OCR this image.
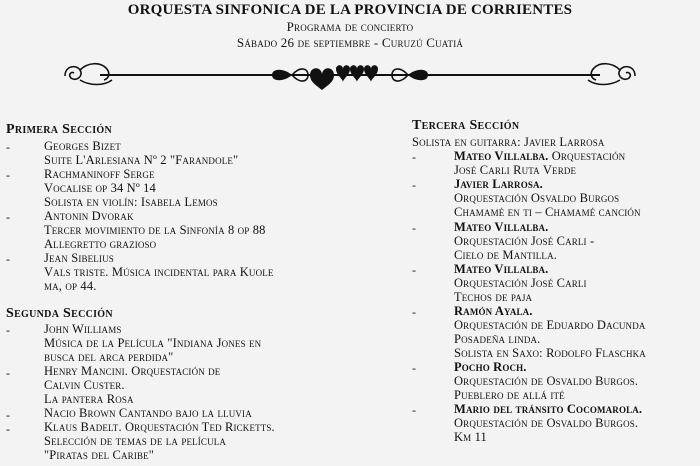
ORQUESTA SINFONICA DE LA PROVINCIA DE CORRIENTES
Programa de concierto
Sábado 26 de septiembre - Curuzú Cuatiá
Primera Sección
-	Georges Bizet
Suite L'Arlesiana Nº 2 "Farandole"
-	Rachmaninoff Serge
Vocalise op 34 Nº 14
Solista en violín: Isabela Lemos
-	Antonin Dvorak
Tercer movimiento de la Sinfonía 8 op 88
Allegretto grazioso
-	Jean Sibelius
Vals triste. Música incidental para Kuole
ma, op 44.
Segunda Sección
-	John Williams
Música de la Película "Indiana Jones en
busca del arca perdida"
-	Henry Mancini. Orquestación de
Calvin Custer.
La pantera Rosa
-	Nacio Brown Cantando bajo la lluvia
-	Klaus Badelt. Orquestación Ted Ricketts.
Selección de temas de la película
"Piratas del Caribe"
Tercera Sección
Solista en guitarra: Javier Larrosa
-	Mateo Villalba. Orquestación
José Carli Ruta Verde
-	Javier Larrosa.
Orquestación Osvaldo Burgos
Chamamé en ti – Chamamé canción
-	Mateo Villalba.
Orquestación José Carli -
Cielo de Mantilla.
-	Mateo Villalba.
Orquestación José Carli
Techos de paja
-	Ramón Ayala.
Orquestación de Eduardo Dacunda
Posadeña linda.
Solista en Saxo: Rodolfo Flaschka
-	Pocho Roch.
Orquestación de Osvaldo Burgos.
Pueblero de allá ité
-	Mario del tránsito Cocomarola.
Orquestación de Osvaldo Burgos.
Km 11
